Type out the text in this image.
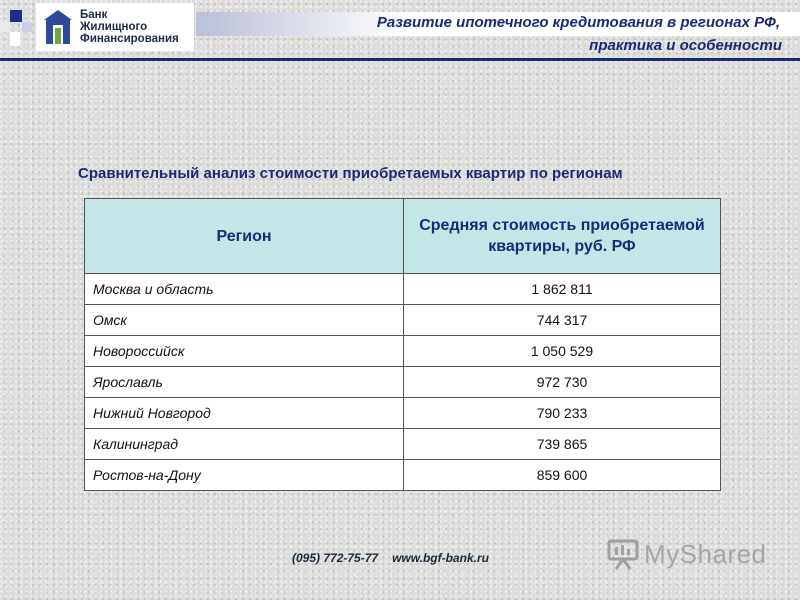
Банк
Жилищного
Финансирования
Развитие ипотечного кредитования в регионах РФ,
практика и особенности
Сравнительный анализ стоимости приобретаемых квартир по регионам
Регион	Средняя стоимость приобретаемой квартиры, руб. РФ
Москва и область	1 862 811
Омск	744 317
Новороссийск	1 050 529
Ярославль	972 730
Нижний Новгород	790 233
Калининград	739 865
Ростов-на-Дону	859 600
(095) 772-75-77 www.bgf-bank.ru	MyShared
